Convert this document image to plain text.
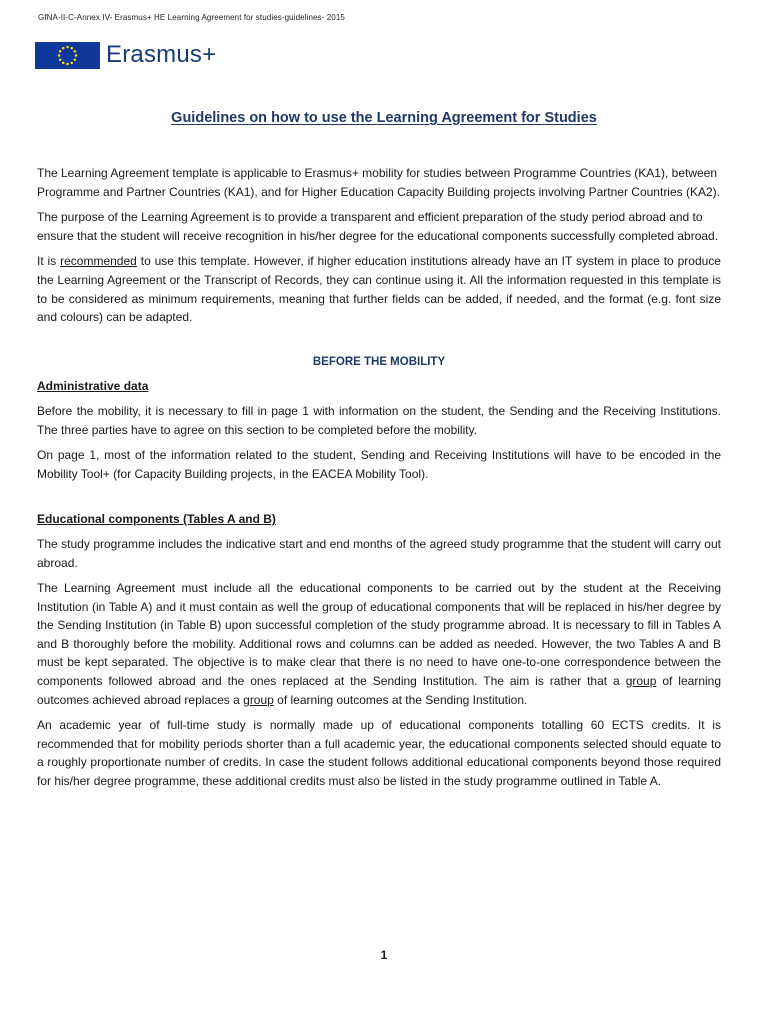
GfNA-II-C-Annex IV- Erasmus+ HE Learning Agreement for studies-guidelines- 2015
Erasmus+
Guidelines on how to use the Learning Agreement for Studies

The Learning Agreement template is applicable to Erasmus+ mobility for studies between Programme Countries (KA1), between Programme and Partner Countries (KA1), and for Higher Education Capacity Building projects involving Partner Countries (KA2).

The purpose of the Learning Agreement is to provide a transparent and efficient preparation of the study period abroad and to ensure that the student will receive recognition in his/her degree for the educational components successfully completed abroad.

It is recommended to use this template. However, if higher education institutions already have an IT system in place to produce the Learning Agreement or the Transcript of Records, they can continue using it. All the information requested in this template is to be considered as minimum requirements, meaning that further fields can be added, if needed, and the format (e.g. font size and colours) can be adapted.

BEFORE THE MOBILITY
Administrative data

Before the mobility, it is necessary to fill in page 1 with information on the student, the Sending and the Receiving Institutions. The three parties have to agree on this section to be completed before the mobility.

On page 1, most of the information related to the student, Sending and Receiving Institutions will have to be encoded in the Mobility Tool+ (for Capacity Building projects, in the EACEA Mobility Tool).

Educational components (Tables A and B)

The study programme includes the indicative start and end months of the agreed study programme that the student will carry out abroad.

The Learning Agreement must include all the educational components to be carried out by the student at the Receiving Institution (in Table A) and it must contain as well the group of educational components that will be replaced in his/her degree by the Sending Institution (in Table B) upon successful completion of the study programme abroad. It is necessary to fill in Tables A and B thoroughly before the mobility. Additional rows and columns can be added as needed. However, the two Tables A and B must be kept separated. The objective is to make clear that there is no need to have one-to-one correspondence between the components followed abroad and the ones replaced at the Sending Institution. The aim is rather that a group of learning outcomes achieved abroad replaces a group of learning outcomes at the Sending Institution.

An academic year of full-time study is normally made up of educational components totalling 60 ECTS credits. It is recommended that for mobility periods shorter than a full academic year, the educational components selected should equate to a roughly proportionate number of credits. In case the student follows additional educational components beyond those required for his/her degree programme, these additional credits must also be listed in the study programme outlined in Table A.

1
